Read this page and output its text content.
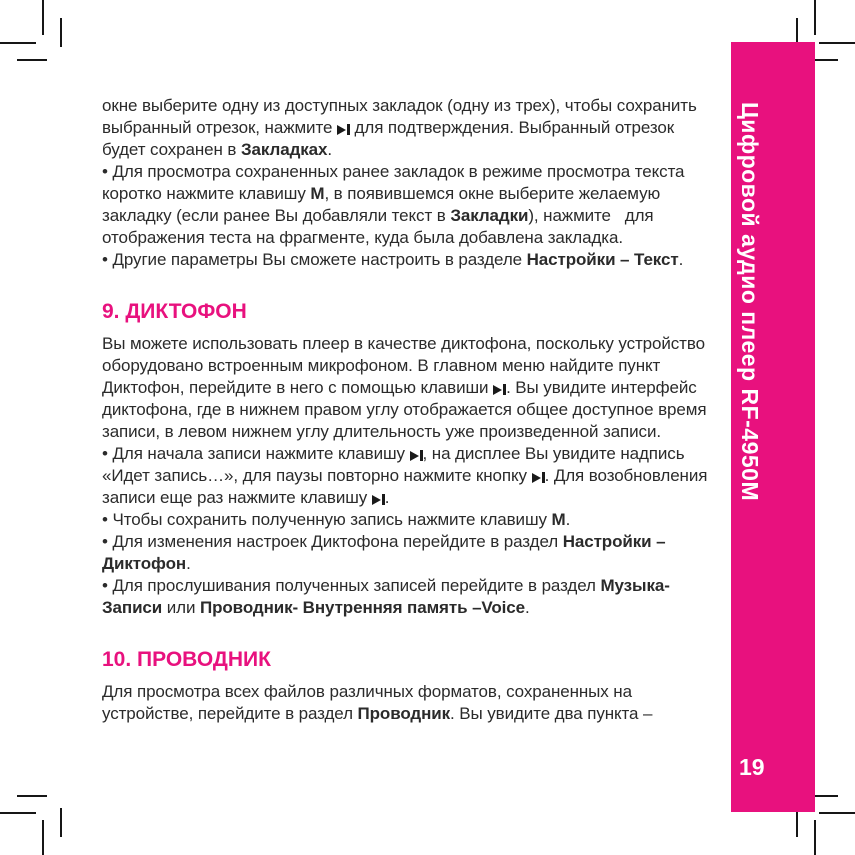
окне выберите одну из доступных закладок (одну из трех), чтобы сохранить выбранный отрезок, нажмите  для подтверждения. Выбранный отрезок будет сохранен в Закладках.

• Для просмотра сохраненных ранее закладок в режиме просмотра текста коротко нажмите клавишу М, в появившемся окне выберите желаемую закладку (если ранее Вы добавляли текст в Закладки), нажмите   для отображения теста на фрагменте, куда была добавлена закладка.

• Другие параметры Вы сможете настроить в разделе Настройки – Текст.

9. ДИКТОФОН

Вы можете использовать плеер в качестве диктофона, поскольку устройство оборудовано встроенным микрофоном. В главном меню найдите пункт Диктофон, перейдите в него с помощью клавиши . Вы увидите интерфейс диктофона, где в нижнем правом углу отображается общее доступное время записи, в левом нижнем углу длительность уже произведенной записи.

• Для начала записи нажмите клавишу , на дисплее Вы увидите надпись «Идет запись…», для паузы повторно нажмите кнопку . Для возобновления записи еще раз нажмите клавишу .

• Чтобы сохранить полученную запись нажмите клавишу М.

• Для изменения настроек Диктофона перейдите в раздел Настройки – Диктофон.

• Для прослушивания полученных записей перейдите в раздел Музыка-Записи или Проводник- Внутренняя память –Voice.

10. ПРОВОДНИК

Для просмотра всех файлов различных форматов, сохраненных на устройстве, перейдите в раздел Проводник. Вы увидите два пункта –

Цифровой аудио плеер RF-4950M
19
